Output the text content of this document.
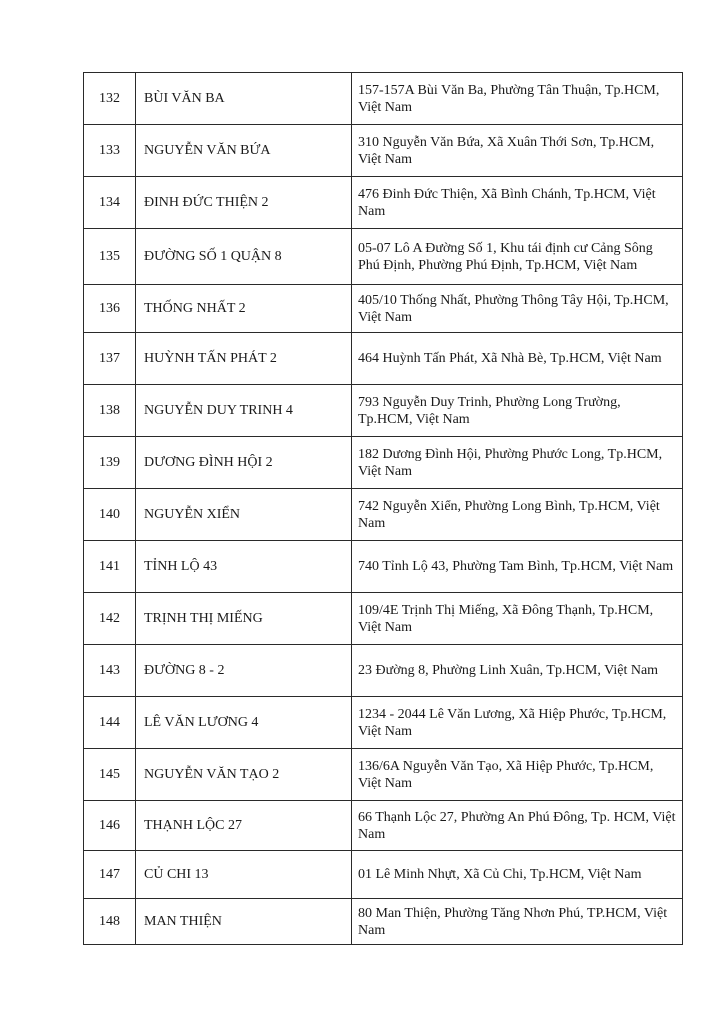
132	BÙI VĂN BA	157-157A Bùi Văn Ba, Phường Tân Thuận, Tp.HCM, Việt Nam
133	NGUYỄN VĂN BỨA	310 Nguyễn Văn Bứa, Xã Xuân Thới Sơn, Tp.HCM, Việt Nam
134	ĐINH ĐỨC THIỆN 2	476 Đinh Đức Thiện, Xã Bình Chánh, Tp.HCM, Việt Nam
135	ĐƯỜNG SỐ 1 QUẬN 8	05-07 Lô A Đường Số 1, Khu tái định cư Cảng Sông Phú Định, Phường Phú Định, Tp.HCM, Việt Nam
136	THỐNG NHẤT 2	405/10 Thống Nhất, Phường Thông Tây Hội, Tp.HCM, Việt Nam
137	HUỲNH TẤN PHÁT 2	464 Huỳnh Tấn Phát, Xã Nhà Bè, Tp.HCM, Việt Nam
138	NGUYỄN DUY TRINH 4	793 Nguyễn Duy Trinh, Phường Long Trường, Tp.HCM, Việt Nam
139	DƯƠNG ĐÌNH HỘI 2	182 Dương Đình Hội, Phường Phước Long, Tp.HCM, Việt Nam
140	NGUYỄN XIỂN	742 Nguyễn Xiển, Phường Long Bình, Tp.HCM, Việt Nam
141	TỈNH LỘ 43	740 Tỉnh Lộ 43, Phường Tam Bình, Tp.HCM, Việt Nam
142	TRỊNH THỊ MIẾNG	109/4E Trịnh Thị Miếng, Xã Đông Thạnh, Tp.HCM, Việt Nam
143	ĐƯỜNG 8 - 2	23 Đường 8, Phường Linh Xuân, Tp.HCM, Việt Nam
144	LÊ VĂN LƯƠNG 4	1234 - 2044 Lê Văn Lương, Xã Hiệp Phước, Tp.HCM, Việt Nam
145	NGUYỄN VĂN TẠO 2	136/6A Nguyễn Văn Tạo, Xã Hiệp Phước, Tp.HCM, Việt Nam
146	THẠNH LỘC 27	66 Thạnh Lộc 27, Phường An Phú Đông, Tp. HCM, Việt Nam
147	CỦ CHI 13	01 Lê Minh Nhựt, Xã Củ Chi, Tp.HCM, Việt Nam
148	MAN THIỆN	80 Man Thiện, Phường Tăng Nhơn Phú, TP.HCM, Việt Nam
